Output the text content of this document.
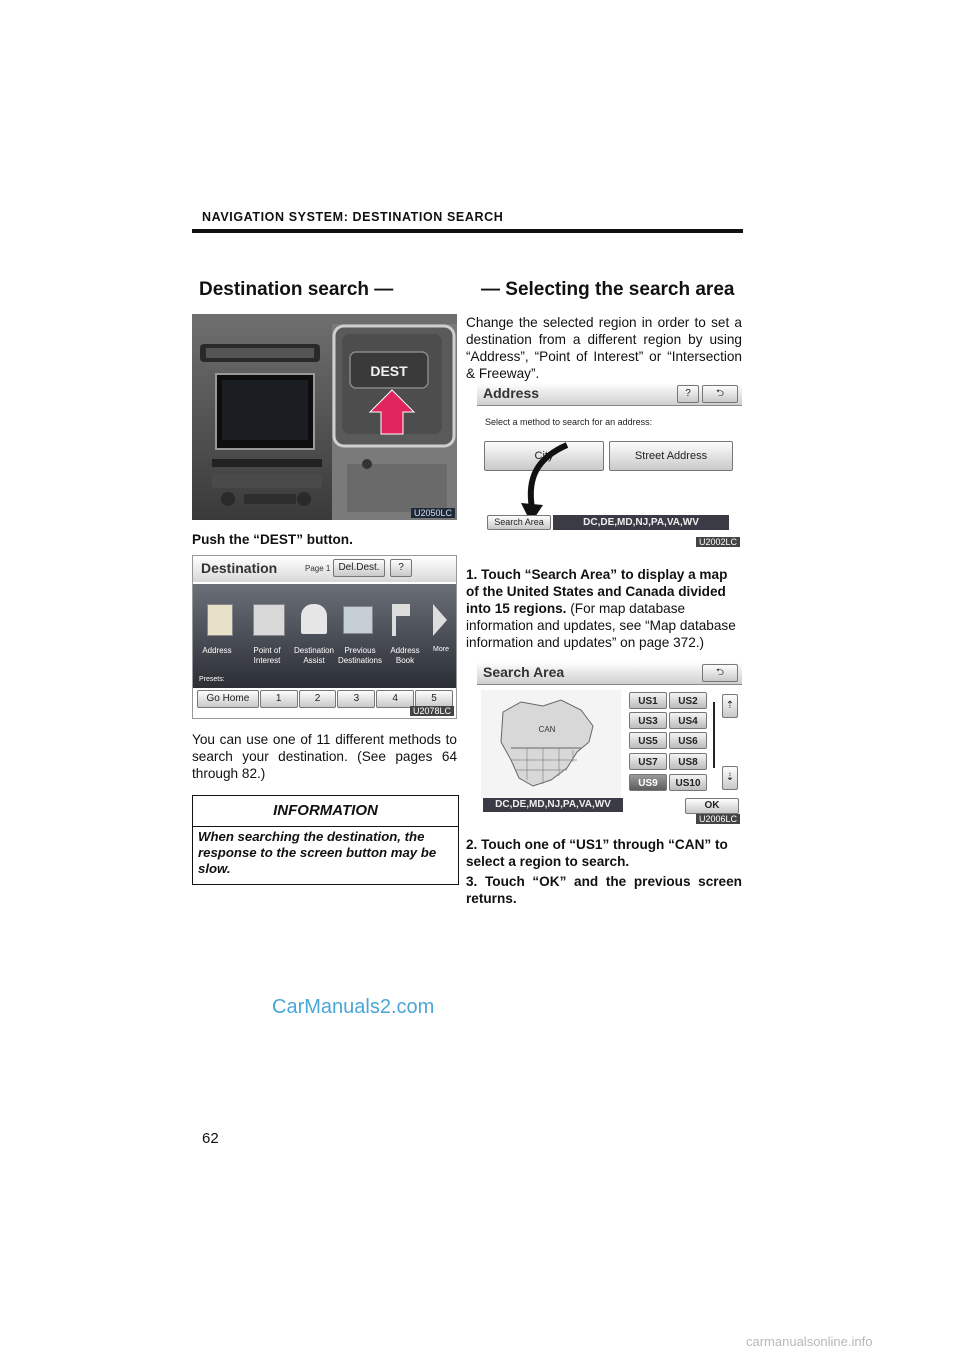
NAVIGATION SYSTEM: DESTINATION SEARCH
Destination search —	— Selecting the search area
DEST
U2050LC
Push the “DEST” button.
Destination	Page 1 Del.Dest.	?
Address	Point of Interest
Destination Assist
Previous Destinations
Address Book
More
Presets:
Go Home	1	2	3	4	5
U2078LC
You can use one of 11 different methods to search your destination. (See pages 64 through 82.)
INFORMATION
When searching the destination, the response to the screen button may be slow.
Change the selected region in order to set a destination from a different region by using “Address”, “Point of Interest” or “Intersection & Freeway”.
Address	?	⮌
Select a method to search for an address:
City	Street Address
Search Area	DC,DE,MD,NJ,PA,VA,WV
U2002LC
1. Touch “Search Area” to display a map of the United States and Canada divided into 15 regions. (For map database information and updates, see “Map database information and updates” on page 372.)
Search Area	⮌
CAN
US1	US2
US3	US4
US5	US6
US7	US8
US9	US10
⇡
⇣
DC,DE,MD,NJ,PA,VA,WV	OK
U2006LC
2. Touch one of “US1” through “CAN” to select a region to search.
3. Touch “OK” and the previous screen returns.
CarManuals2.com
62
carmanualsonline.info
